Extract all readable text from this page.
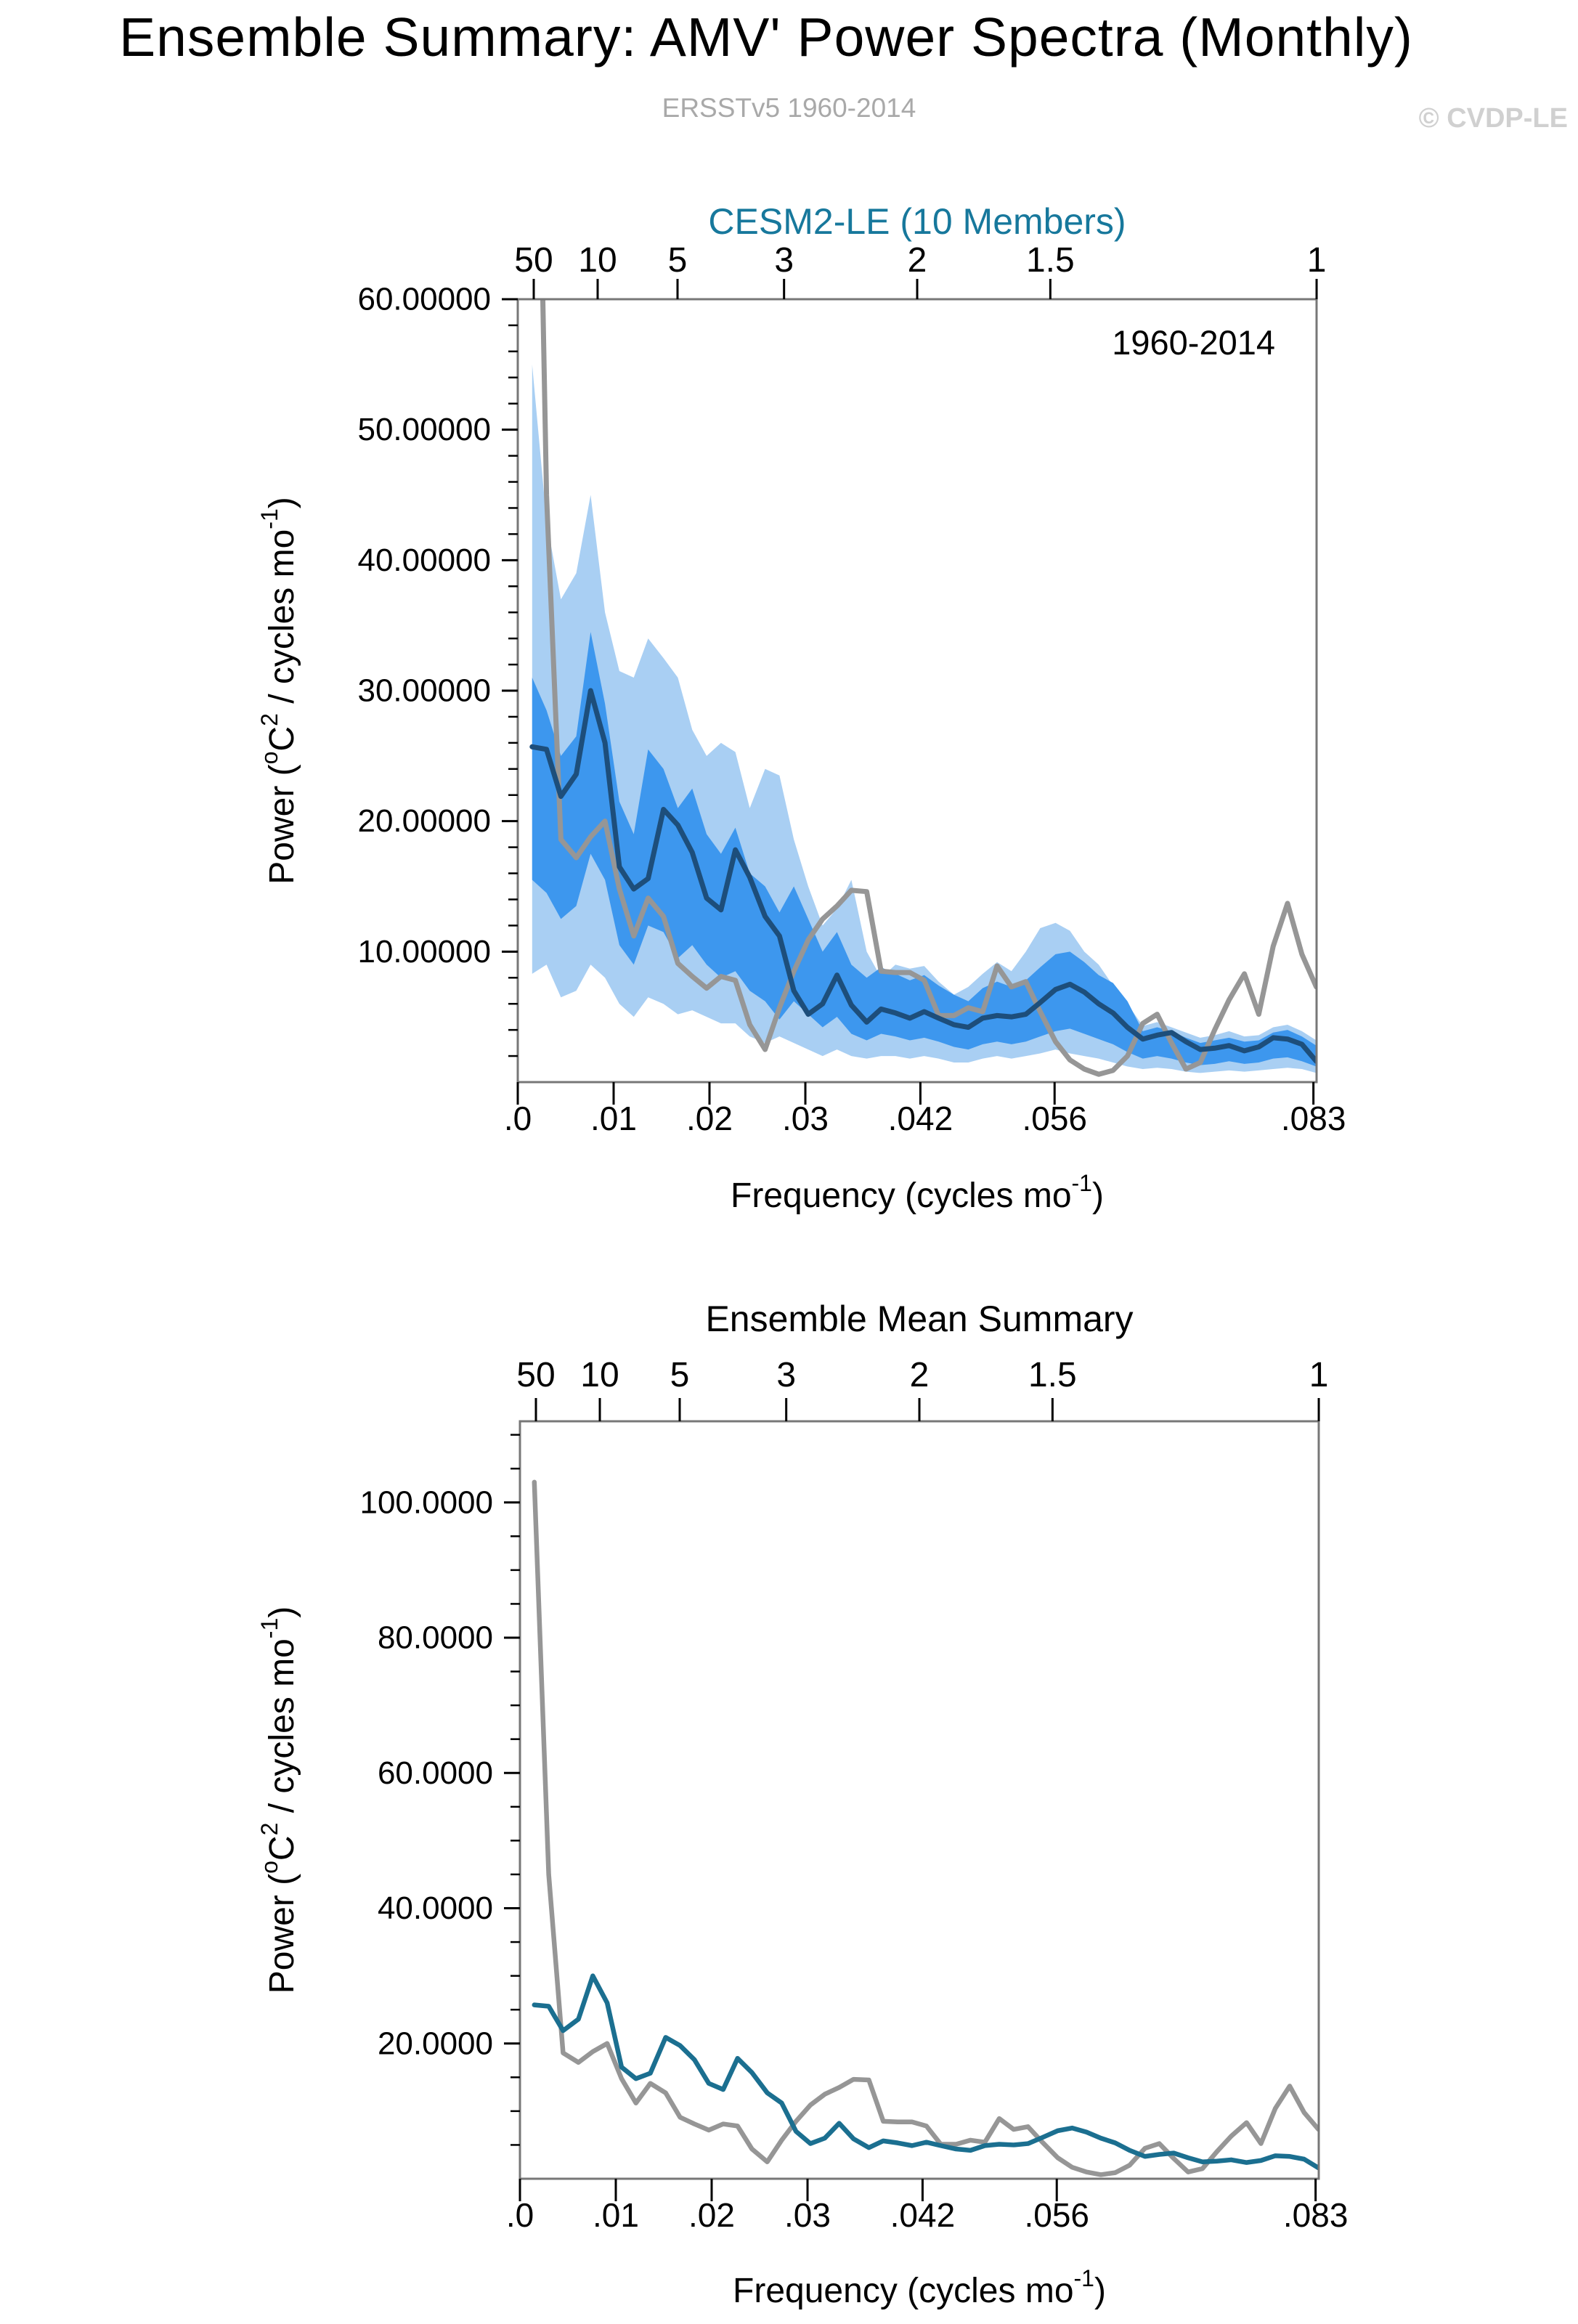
Ensemble Summary: AMV' Power Spectra (Monthly)
ERSSTv5 1960-2014	© CVDP-LE
60.00000
50.00000
40.00000
30.00000
20.00000
10.00000
.0 .01 .02 .03 .042 .056	.083
50 10 5 3	2	1.5	1
CESM2-LE (10 Members)
1960-2014
Frequency (cycles $mo^{-1}$)
Power ($^oC^2$ / cycles $mo^{-1}$)
100.0000
80.0000
60.0000
40.0000
20.0000
.0 .01 .02 .03 .042 .056	.083
50 10 5 3	2	1.5	1
Ensemble Mean Summary
Frequency (cycles $mo^{-1}$)
Power ($^oC^2$ / cycles $mo^{-1}$)
